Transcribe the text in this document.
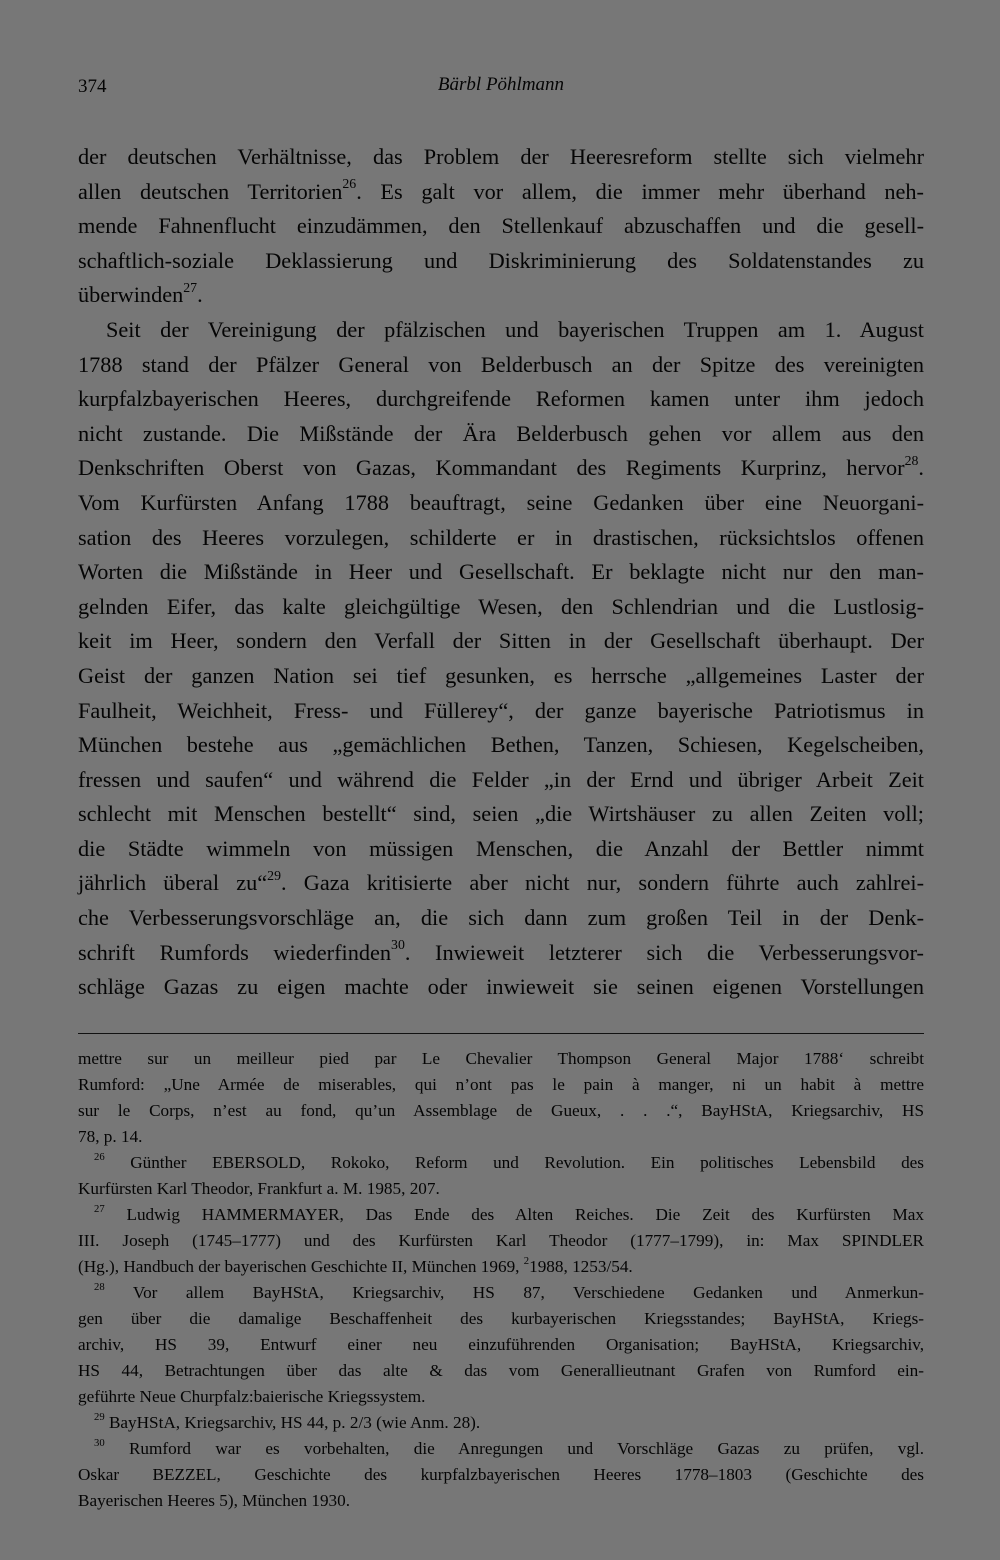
374	Bärbl Pöhlmann
der deutschen Verhältnisse, das Problem der Heeresreform stellte sich vielmehr
allen deutschen Territorien$^{26}$. Es galt vor allem, die immer mehr überhand neh-
mende Fahnenflucht einzudämmen, den Stellenkauf abzuschaffen und die gesell-
schaftlich-soziale Deklassierung und Diskriminierung des Soldatenstandes zu
überwinden$^{27}$.
Seit der Vereinigung der pfälzischen und bayerischen Truppen am 1. August
1788 stand der Pfälzer General von Belderbusch an der Spitze des vereinigten
kurpfalzbayerischen Heeres, durchgreifende Reformen kamen unter ihm jedoch
nicht zustande. Die Mißstände der Ära Belderbusch gehen vor allem aus den
Denkschriften Oberst von Gazas, Kommandant des Regiments Kurprinz, hervor$^{28}$.
Vom Kurfürsten Anfang 1788 beauftragt, seine Gedanken über eine Neuorgani-
sation des Heeres vorzulegen, schilderte er in drastischen, rücksichtslos offenen
Worten die Mißstände in Heer und Gesellschaft. Er beklagte nicht nur den man-
gelnden Eifer, das kalte gleichgültige Wesen, den Schlendrian und die Lustlosig-
keit im Heer, sondern den Verfall der Sitten in der Gesellschaft überhaupt. Der
Geist der ganzen Nation sei tief gesunken, es herrsche „allgemeines Laster der
Faulheit, Weichheit, Fress- und Füllerey“, der ganze bayerische Patriotismus in
München bestehe aus „gemächlichen Bethen, Tanzen, Schiesen, Kegelscheiben,
fressen und saufen“ und während die Felder „in der Ernd und übriger Arbeit Zeit
schlecht mit Menschen bestellt“ sind, seien „die Wirtshäuser zu allen Zeiten voll;
die Städte wimmeln von müssigen Menschen, die Anzahl der Bettler nimmt
jährlich überal zu“$^{29}$. Gaza kritisierte aber nicht nur, sondern führte auch zahlrei-
che Verbesserungsvorschläge an, die sich dann zum großen Teil in der Denk-
schrift Rumfords wiederfinden$^{30}$. Inwieweit letzterer sich die Verbesserungsvor-
schläge Gazas zu eigen machte oder inwieweit sie seinen eigenen Vorstellungen
mettre sur un meilleur pied par Le Chevalier Thompson General Major 1788‘ schreibt
Rumford: „Une Armée de miserables, qui n’ont pas le pain à manger, ni un habit à mettre
sur le Corps, n’est au fond, qu’un Assemblage de Gueux, . . .“, BayHStA, Kriegsarchiv, HS
78, p. 14.
$^{26}$ Günther EBERSOLD, Rokoko, Reform und Revolution. Ein politisches Lebensbild des
Kurfürsten Karl Theodor, Frankfurt a. M. 1985, 207.
$^{27}$ Ludwig HAMMERMAYER, Das Ende des Alten Reiches. Die Zeit des Kurfürsten Max
III. Joseph (1745–1777) und des Kurfürsten Karl Theodor (1777–1799), in: Max SPINDLER
(Hg.), Handbuch der bayerischen Geschichte II, München 1969, $^2$1988, 1253/54.
$^{28}$ Vor allem BayHStA, Kriegsarchiv, HS 87, Verschiedene Gedanken und Anmerkun-
gen über die damalige Beschaffenheit des kurbayerischen Kriegsstandes; BayHStA, Kriegs-
archiv, HS 39, Entwurf einer neu einzuführenden Organisation; BayHStA, Kriegsarchiv,
HS 44, Betrachtungen über das alte & das vom Generallieutnant Grafen von Rumford ein-
geführte Neue Churpfalz:baierische Kriegssystem.
$^{29}$ BayHStA, Kriegsarchiv, HS 44, p. 2/3 (wie Anm. 28).
$^{30}$ Rumford war es vorbehalten, die Anregungen und Vorschläge Gazas zu prüfen, vgl.
Oskar BEZZEL, Geschichte des kurpfalzbayerischen Heeres 1778–1803 (Geschichte des
Bayerischen Heeres 5), München 1930.
